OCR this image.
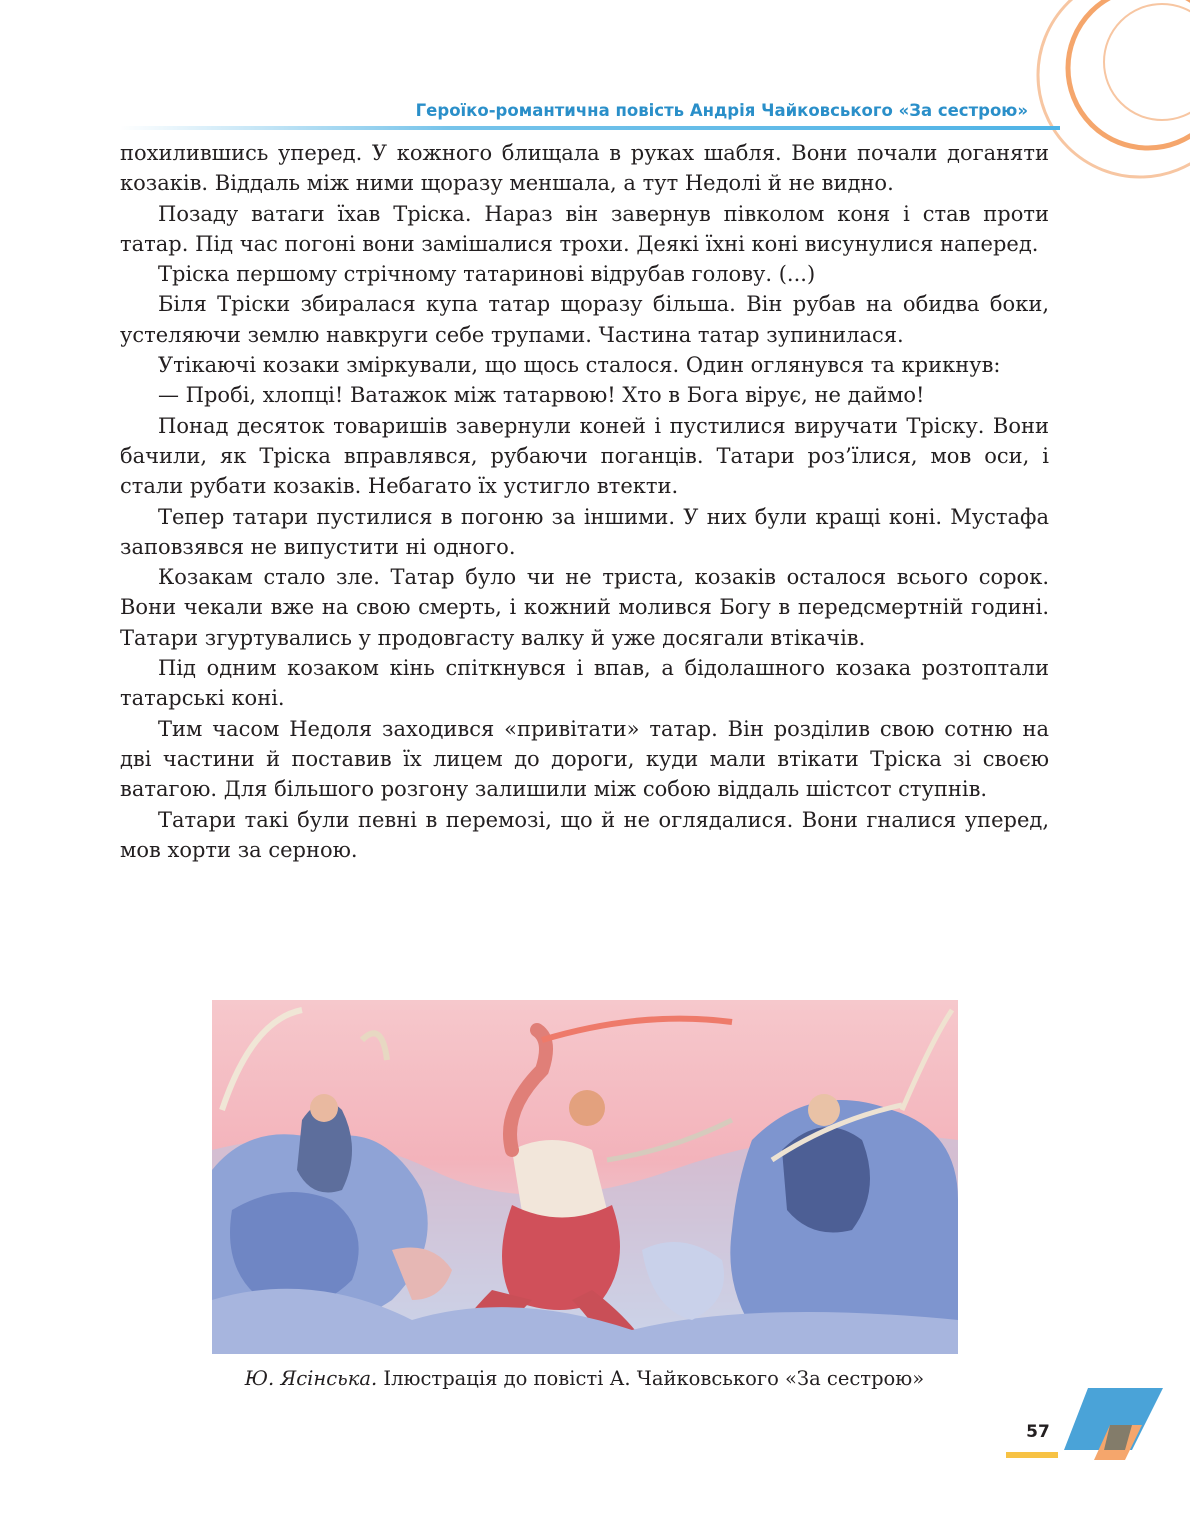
Героїко-романтична повість Андрія Чайковського «За сестрою»

похилившись уперед. У кожного блищала в руках шабля. Вони почали доганяти козаків. Віддаль між ними щоразу меншала, а тут Недолі й не видно.

Позаду ватаги їхав Тріска. Нараз він завернув півколом коня і став проти татар. Під час погоні вони замішалися трохи. Деякі їхні коні висунулися наперед.

Тріска першому стрічному татаринові відрубав голову. (...)

Біля Тріски збиралася купа татар щоразу більша. Він рубав на обидва боки, устеляючи землю навкруги себе трупами. Частина татар зупинилася.

Утікаючі козаки зміркували, що щось сталося. Один оглянувся та крикнув:

— Пробі, хлопці! Ватажок між татарвою! Хто в Бога вірує, не даймо!

Понад десяток товаришів завернули коней і пустилися виручати Тріску. Вони бачили, як Тріска вправлявся, рубаючи поганців. Татари роз’їлися, мов оси, і стали рубати козаків. Небагато їх устигло втекти.

Тепер татари пустилися в погоню за іншими. У них були кращі коні. Мустафа заповзявся не випустити ні одного.

Козакам стало зле. Татар було чи не триста, козаків осталося всього сорок. Вони чекали вже на свою смерть, і кожний молився Богу в передсмертній годині. Татари згуртувались у продовгасту валку й уже досягали втікачів.

Під одним козаком кінь спіткнувся і впав, а бідолашного козака розтоптали татарські коні.

Тим часом Недоля заходився «привітати» татар. Він розділив свою сотню на дві частини й поставив їх лицем до дороги, куди мали втікати Тріска зі своєю ватагою. Для більшого розгону залишили між собою віддаль шістсот ступнів.

Татари такі були певні в перемозі, що й не оглядалися. Вони гналися уперед, мов хорти за серною.

Ю. Ясінська. Ілюстрація до повісті А. Чайковського «За сестрою»
57
